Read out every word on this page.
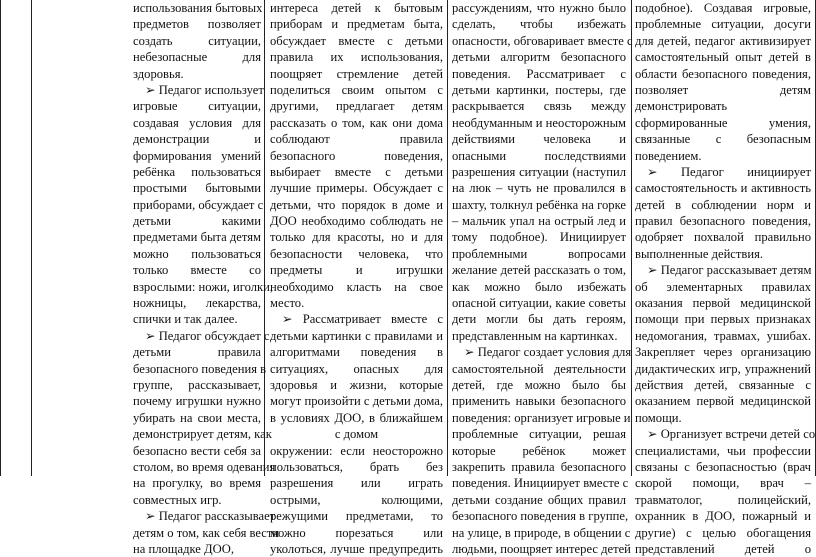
использования бытовых
предметов позволяет
создать ситуации,
небезопасные для
здоровья.
➢ Педагог использует
игровые ситуации,
создавая условия для
демонстрации и
формирования умений
ребёнка пользоваться
простыми бытовыми
приборами, обсуждает с
детьми какими
предметами быта детям
можно пользоваться
только вместе со
взрослыми: ножи, иголки,
ножницы, лекарства,
спички и так далее.
➢ Педагог обсуждает с
детьми правила
безопасного поведения в
группе, рассказывает,
почему игрушки нужно
убирать на свои места,
демонстрирует детям, как
безопасно вести себя за
столом, во время одевания
на прогулку, во время
совместных игр.
➢ Педагог рассказывает
детям о том, как себя вести
на площадке ДОО,
интереса детей к бытовым
приборам и предметам быта,
обсуждает вместе с детьми
правила их использования,
поощряет стремление детей
поделиться своим опытом с
другими, предлагает детям
рассказать о том, как они дома
соблюдают правила
безопасного поведения,
выбирает вместе с детьми
лучшие примеры. Обсуждает с
детьми, что порядок в доме и
ДОО необходимо соблюдать не
только для красоты, но и для
безопасности человека, что
предметы и игрушки
необходимо класть на свое
место.
➢ Рассматривает вместе с
детьми картинки с правилами и
алгоритмами поведения в
ситуациях, опасных для
здоровья и жизни, которые
могут произойти с детьми дома,
в условиях ДОО, в ближайшем
с домом
окружении: если неосторожно
пользоваться, брать без
разрешения или играть
острыми, колющими,
режущими предметами, то
можно порезаться или
уколоться, лучше предупредить
рассуждениям, что нужно было
сделать, чтобы избежать
опасности, обговаривает вместе с
детьми алгоритм безопасного
поведения. Рассматривает с
детьми картинки, постеры, где
раскрывается связь между
необдуманным и неосторожным
действиями человека и
опасными последствиями
разрешения ситуации (наступил
на люк – чуть не провалился в
шахту, толкнул ребёнка на горке
– мальчик упал на острый лед и
тому подобное). Инициирует
проблемными вопросами
желание детей рассказать о том,
как можно было избежать
опасной ситуации, какие советы
дети могли бы дать героям,
представленным на картинках.
➢ Педагог создает условия для
самостоятельной деятельности
детей, где можно было бы
применить навыки безопасного
поведения: организует игровые и
проблемные ситуации, решая
которые ребёнок может
закрепить правила безопасного
поведения. Инициирует вместе с
детьми создание общих правил
безопасного поведения в группе,
на улице, в природе, в общении с
людьми, поощряет интерес детей
подобное). Создавая игровые,
проблемные ситуации, досуги
для детей, педагог активизирует
самостоятельный опыт детей в
области безопасного поведения,
позволяет детям
демонстрировать
сформированные умения,
связанные с безопасным
поведением.
➢ Педагог инициирует
самостоятельность и активность
детей в соблюдении норм и
правил безопасного поведения,
одобряет похвалой правильно
выполненные действия.
➢ Педагог рассказывает детям
об элементарных правилах
оказания первой медицинской
помощи при первых признаках
недомогания, травмах, ушибах.
Закрепляет через организацию
дидактических игр, упражнений
действия детей, связанные с
оказанием первой медицинской
помощи.
➢ Организует встречи детей со
специалистами, чьи профессии
связаны с безопасностью (врач
скорой помощи, врач –
травматолог, полицейский,
охранник в ДОО, пожарный и
другие) с целью обогащения
представлений детей о
